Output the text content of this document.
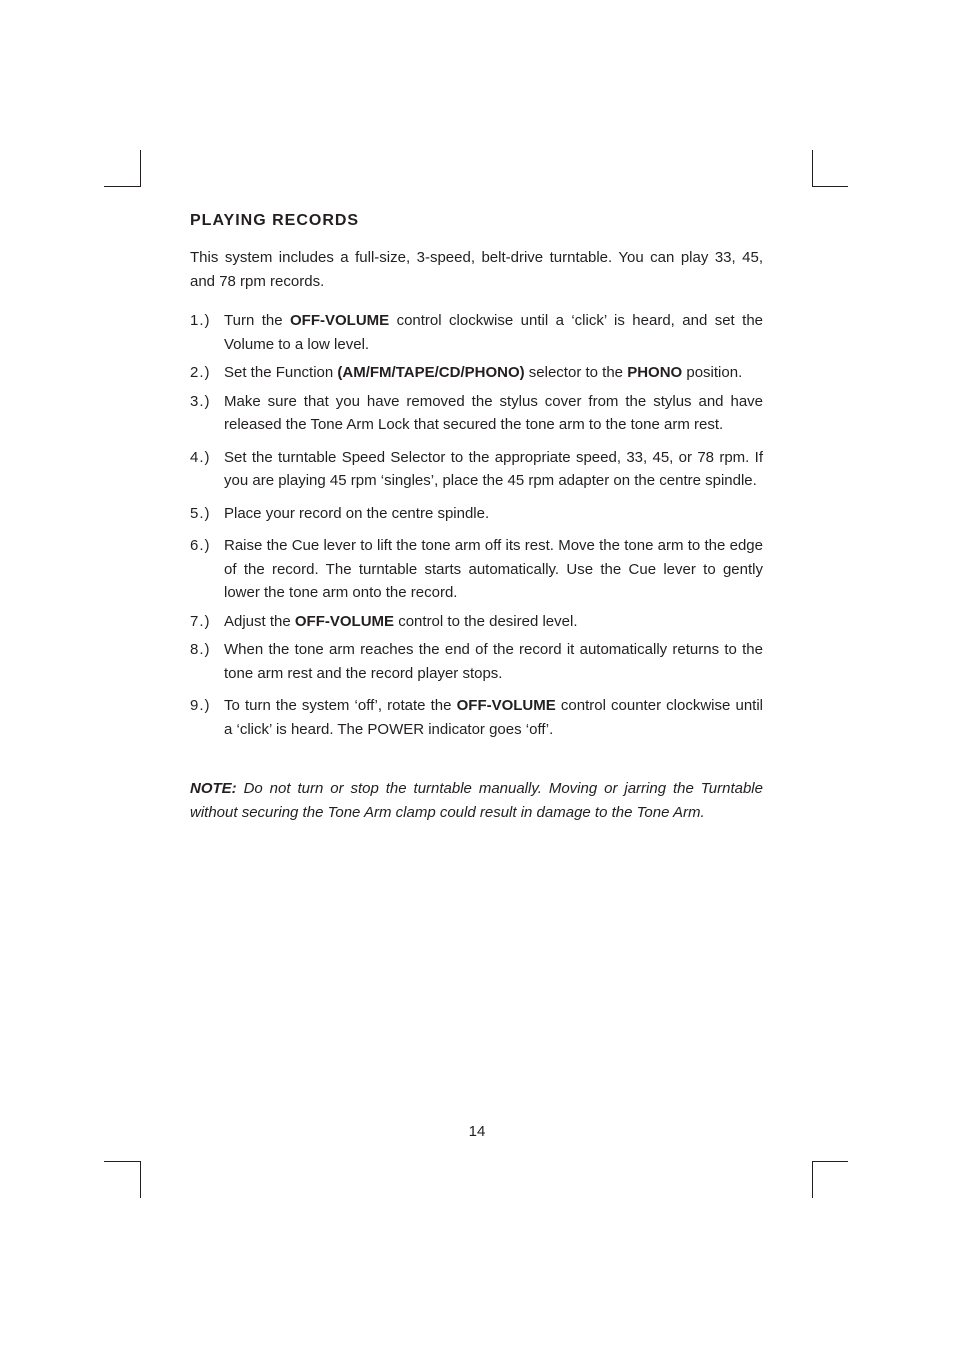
PLAYING RECORDS

This system includes a full-size, 3-speed, belt-drive turntable. You can play 33, 45, and 78 rpm records.

1.) Turn the OFF-VOLUME control clockwise until a ‘click’ is heard, and set the Volume to a low level.
2.) Set the Function (AM/FM/TAPE/CD/PHONO) selector to the PHONO position.
3.) Make sure that you have removed the stylus cover from the stylus and have released the Tone Arm Lock that secured the tone arm to the tone arm rest.
4.) Set the turntable Speed Selector to the appropriate speed, 33, 45, or 78 rpm. If you are playing 45 rpm ‘singles’, place the 45 rpm adapter on the centre spindle.
5.) Place your record on the centre spindle.
6.) Raise the Cue lever to lift the tone arm off its rest. Move the tone arm to the edge of the record. The turntable starts automatically. Use the Cue lever to gently lower the tone arm onto the record.
7.) Adjust the OFF-VOLUME control to the desired level.
8.) When the tone arm reaches the end of the record it automatically returns to the tone arm rest and the record player stops.
9.) To turn the system ‘off’, rotate the OFF-VOLUME control counter clockwise until a ‘click’ is heard. The POWER indicator goes ‘off’.

NOTE: Do not turn or stop the turntable manually. Moving or jarring the Turntable without securing the Tone Arm clamp could result in damage to the Tone Arm.

14
